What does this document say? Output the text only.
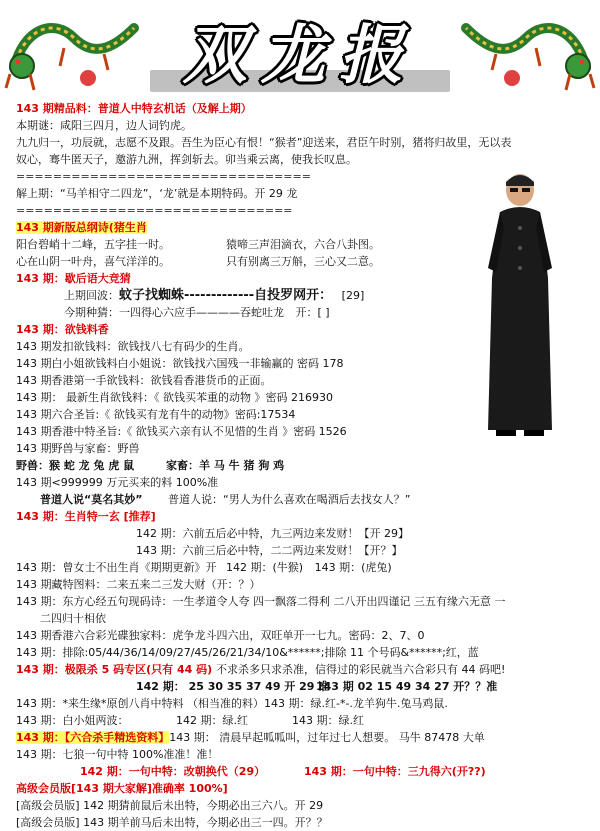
双龙报
143 期精品料：普道人中特玄机话（及解上期）
本期谜：咸阳三四月，边人词钓虎。
九九归一，功辰就，志愿不及跟。吾生为臣心有恨！“猴者”迎送来，君臣午时别，猪将归故里，无以表
奴心，骞牛匿天子，邀游九洲，挥剑斩去。卯当乘云离，使我长叹息。
================================
解上期：“马羊相守二四龙”，‘龙’就是本期特码。开 29 龙
==============================
143 期新版总纲诗(猪生肖
阳台碧峭十二峰，五字挂一时。	猿啼三声泪滴衣，六合八卦图。
心在山阴一叶舟，喜气洋洋的。	只有别离三万斛，三心又二意。
143 期：歇后语大竞猜
上期回波：蚊子找蜘蛛-------------自投罗网开： [29]
今期种猜：一四得心六应手————吞蛇吐龙 开：[ ]
143 期：欲钱料香
143 期发扣欲钱料：欲钱找八七有码少的生肖。
143 期白小姐欲钱料白小姐说：欲钱找六国残一非输赢的 密码 178
143 期香港第一手欲钱料：欲钱看香港货币的正面。
143 期： 最新生肖欲钱料：《 欲钱买苯重的动物 》密码 216930
143 期六合圣旨:《 欲钱买有龙有牛的动物》密码:17534
143 期香港中特圣旨:《 欲钱买六亲有认不见惜的生肖 》密码 1526
143 期野兽与家畜：野兽
野兽：猴 蛇 龙 兔 虎 鼠	家畜：羊 马 牛 猪 狗 鸡
143 期<999999 万元买来的料 100%准
普道人说“莫名其妙” 普道人说：“男人为什么喜欢在喝酒后去找女人？”
143 期：生肖特一玄 [推荐]
142 期：六前五后必中特，九三两边来发财！【开 29】
143 期：六前三后必中特，二二两边来发财！【开？】
143 期：曾女士不出生肖《期期更新》开 142 期：(牛猴) 143 期：(虎兔)
143 期藏特图料：二来五来二三发大财（开：？）
143 期：东方心经五句现码诗：一生孝道令人夸 四一飘落二得利 二八开出四谨记 三五有缘六无意 一
二四归十相依
143 期香港六合彩光碟独家料：虎争龙斗四六出，双旺单开一七九。密码：2、7、0
143 期：排除:05/44/36/14/09/27/45/26/21/34/10&******;排除 11 个号码&******;红，蓝
143 期：极限杀 5 码专区(只有 44 码) 不求杀多只求杀准，信得过的彩民就当六合彩只有 44 码吧!
142 期： 25 30 35 37 49 开 29 准143 期 02 15 49 34 27 开？？准
143 期：*来生缘*原创八肖中特料 （相当准的料）143 期：绿.红-*-.龙羊狗牛.兔马鸡鼠.
143 期：白小姐两波：	142 期：绿.红	143 期：绿.红
143 期：【六合杀手精选资料】143 期： 清晨早起呱呱叫，过年过七人想要。 马牛 87478 大单
143 期：七狼一句中特 100%准准！准！
142 期：一句中特：改朝换代（29）	143 期：一句中特：三九得六(开??)
高级会员版[143 期大家解]准确率 100%]
[高级会员版] 142 期猜前鼠后未出特，今期必出三六八。开 29
[高级会员版] 143 期羊前马后未出特，今期必出三一四。开？？
